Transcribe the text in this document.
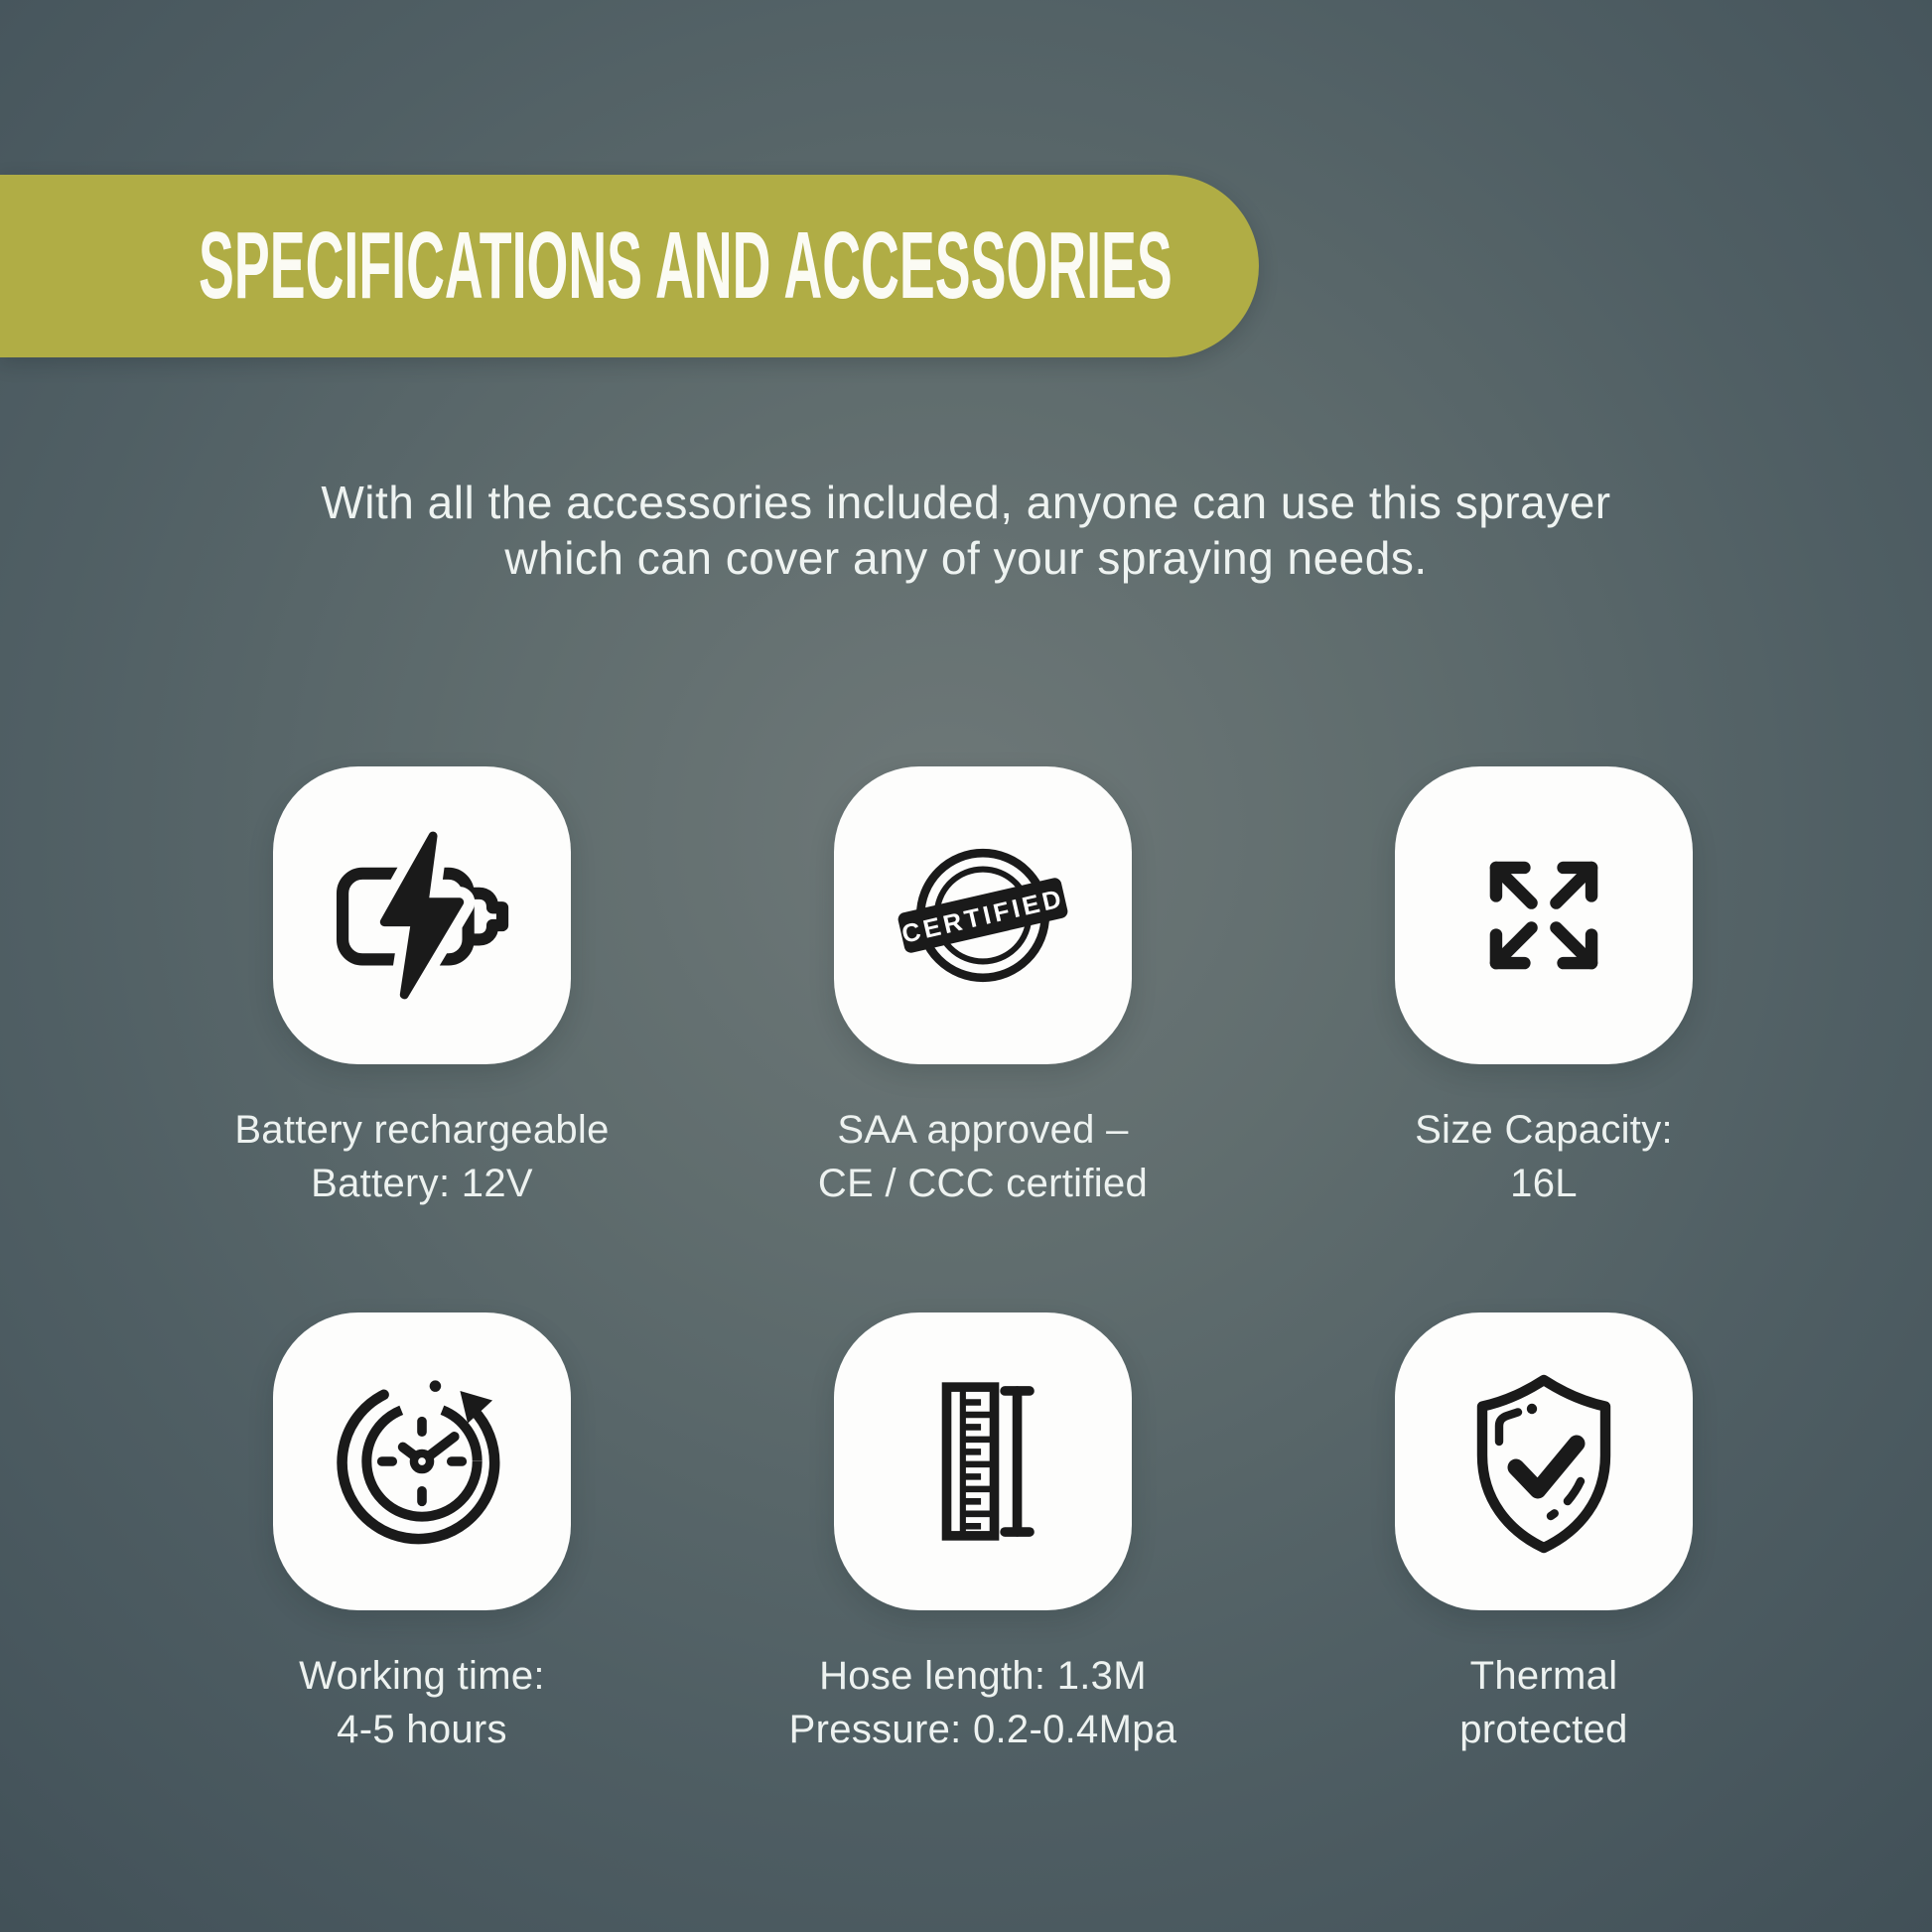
SPECIFICATIONS AND ACCESSORIES

With all the accessories included, anyone can use this sprayer
which can cover any of your spraying needs.

Battery rechargeable
Battery: 12V
CERTIFIED
SAA approved –
CE / CCC certified
Size Capacity:
16L
Working time:
4-5 hours
Hose length: 1.3M
Pressure: 0.2-0.4Mpa
Thermal
protected
